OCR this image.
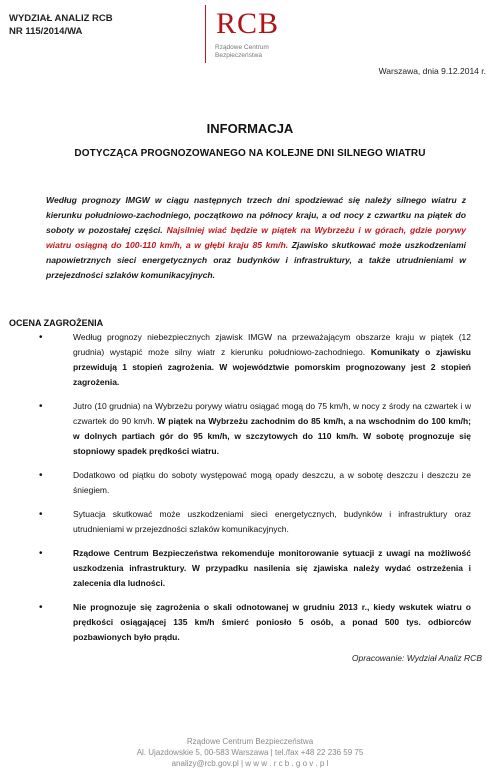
WYDZIAŁ ANALIZ RCB
NR 115/2014/WA	RCB
Rządowe Centrum
Bezpieczeństwa
Warszawa, dnia 9.12.2014 r.
INFORMACJA
DOTYCZĄCA PROGNOZOWANEGO NA KOLEJNE DNI SILNEGO WIATRU
Według prognozy IMGW w ciągu następnych trzech dni spodziewać się należy silnego wiatru z kierunku południowo-zachodniego, początkowo na północy kraju, a od nocy z czwartku na piątek do soboty w pozostałej części. Najsilniej wiać będzie w piątek na Wybrzeżu i w górach, gdzie porywy wiatru osiągną do 100-110 km/h, a w głębi kraju 85 km/h. Zjawisko skutkować może uszkodzeniami napowietrznych sieci energetycznych oraz budynków i infrastruktury, a także utrudnieniami w przejezdności szlaków komunikacyjnych.
OCENA ZAGROŻENIA
•	Według prognozy niebezpiecznych zjawisk IMGW na przeważającym obszarze kraju w piątek (12 grudnia) wystąpić może silny wiatr z kierunku południowo-zachodniego. Komunikaty o zjawisku przewidują 1 stopień zagrożenia. W województwie pomorskim prognozowany jest 2 stopień zagrożenia.
•	Jutro (10 grudnia) na Wybrzeżu porywy wiatru osiągać mogą do 75 km/h, w nocy z środy na czwartek i w czwartek do 90 km/h. W piątek na Wybrzeżu zachodnim do 85 km/h, a na wschodnim do 100 km/h; w dolnych partiach gór do 95 km/h, w szczytowych do 110 km/h. W sobotę prognozuje się stopniowy spadek prędkości wiatru.
•	Dodatkowo od piątku do soboty występować mogą opady deszczu, a w sobotę deszczu i deszczu ze śniegiem.
•	Sytuacja skutkować może uszkodzeniami sieci energetycznych, budynków i infrastruktury oraz utrudnieniami w przejezdności szlaków komunikacyjnych.
•	Rządowe Centrum Bezpieczeństwa rekomenduje monitorowanie sytuacji z uwagi na możliwość uszkodzenia infrastruktury. W przypadku nasilenia się zjawiska należy wydać ostrzeżenia i zalecenia dla ludności.
•	Nie prognozuje się zagrożenia o skali odnotowanej w grudniu 2013 r., kiedy wskutek wiatru o prędkości osiągającej 135 km/h śmierć poniosło 5 osób, a ponad 500 tys. odbiorców pozbawionych było prądu.
Opracowanie: Wydział Analiz RCB
Rządowe Centrum Bezpieczeństwa
Al. Ujazdowskie 5, 00-583 Warszawa | tel./fax +48 22 236 59 75
analizy@rcb.gov.pl | w w w . r c b . g o v . p l
